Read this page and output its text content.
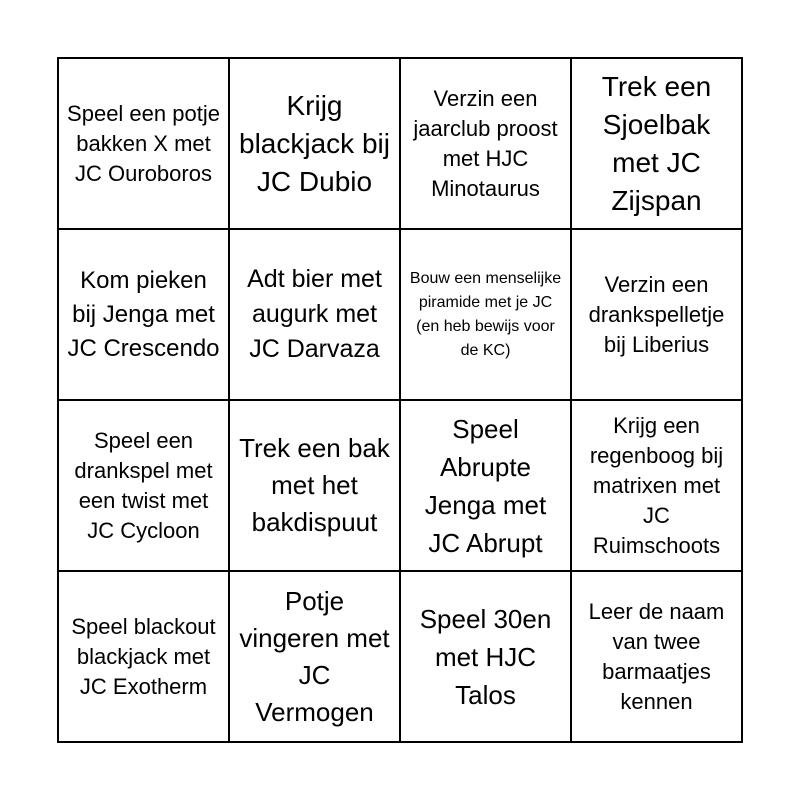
Speel een potje bakken X met JC Ouroboros
Krijg blackjack bij JC Dubio
Verzin een jaarclub proost met HJC Minotaurus
Trek een Sjoelbak met JC Zijspan
Kom pieken bij Jenga met JC Crescendo
Adt bier met augurk met JC Darvaza
Bouw een menselijke piramide met je JC (en heb bewijs voor de KC)
Verzin een drankspelletje bij Liberius
Speel een drankspel met een twist met JC Cycloon
Trek een bak met het bakdispuut
Speel Abrupte Jenga met JC Abrupt
Krijg een regenboog bij matrixen met JC Ruimschoots
Speel blackout blackjack met JC Exotherm
Potje vingeren met JC Vermogen
Speel 30en met HJC Talos
Leer de naam van twee barmaatjes kennen
